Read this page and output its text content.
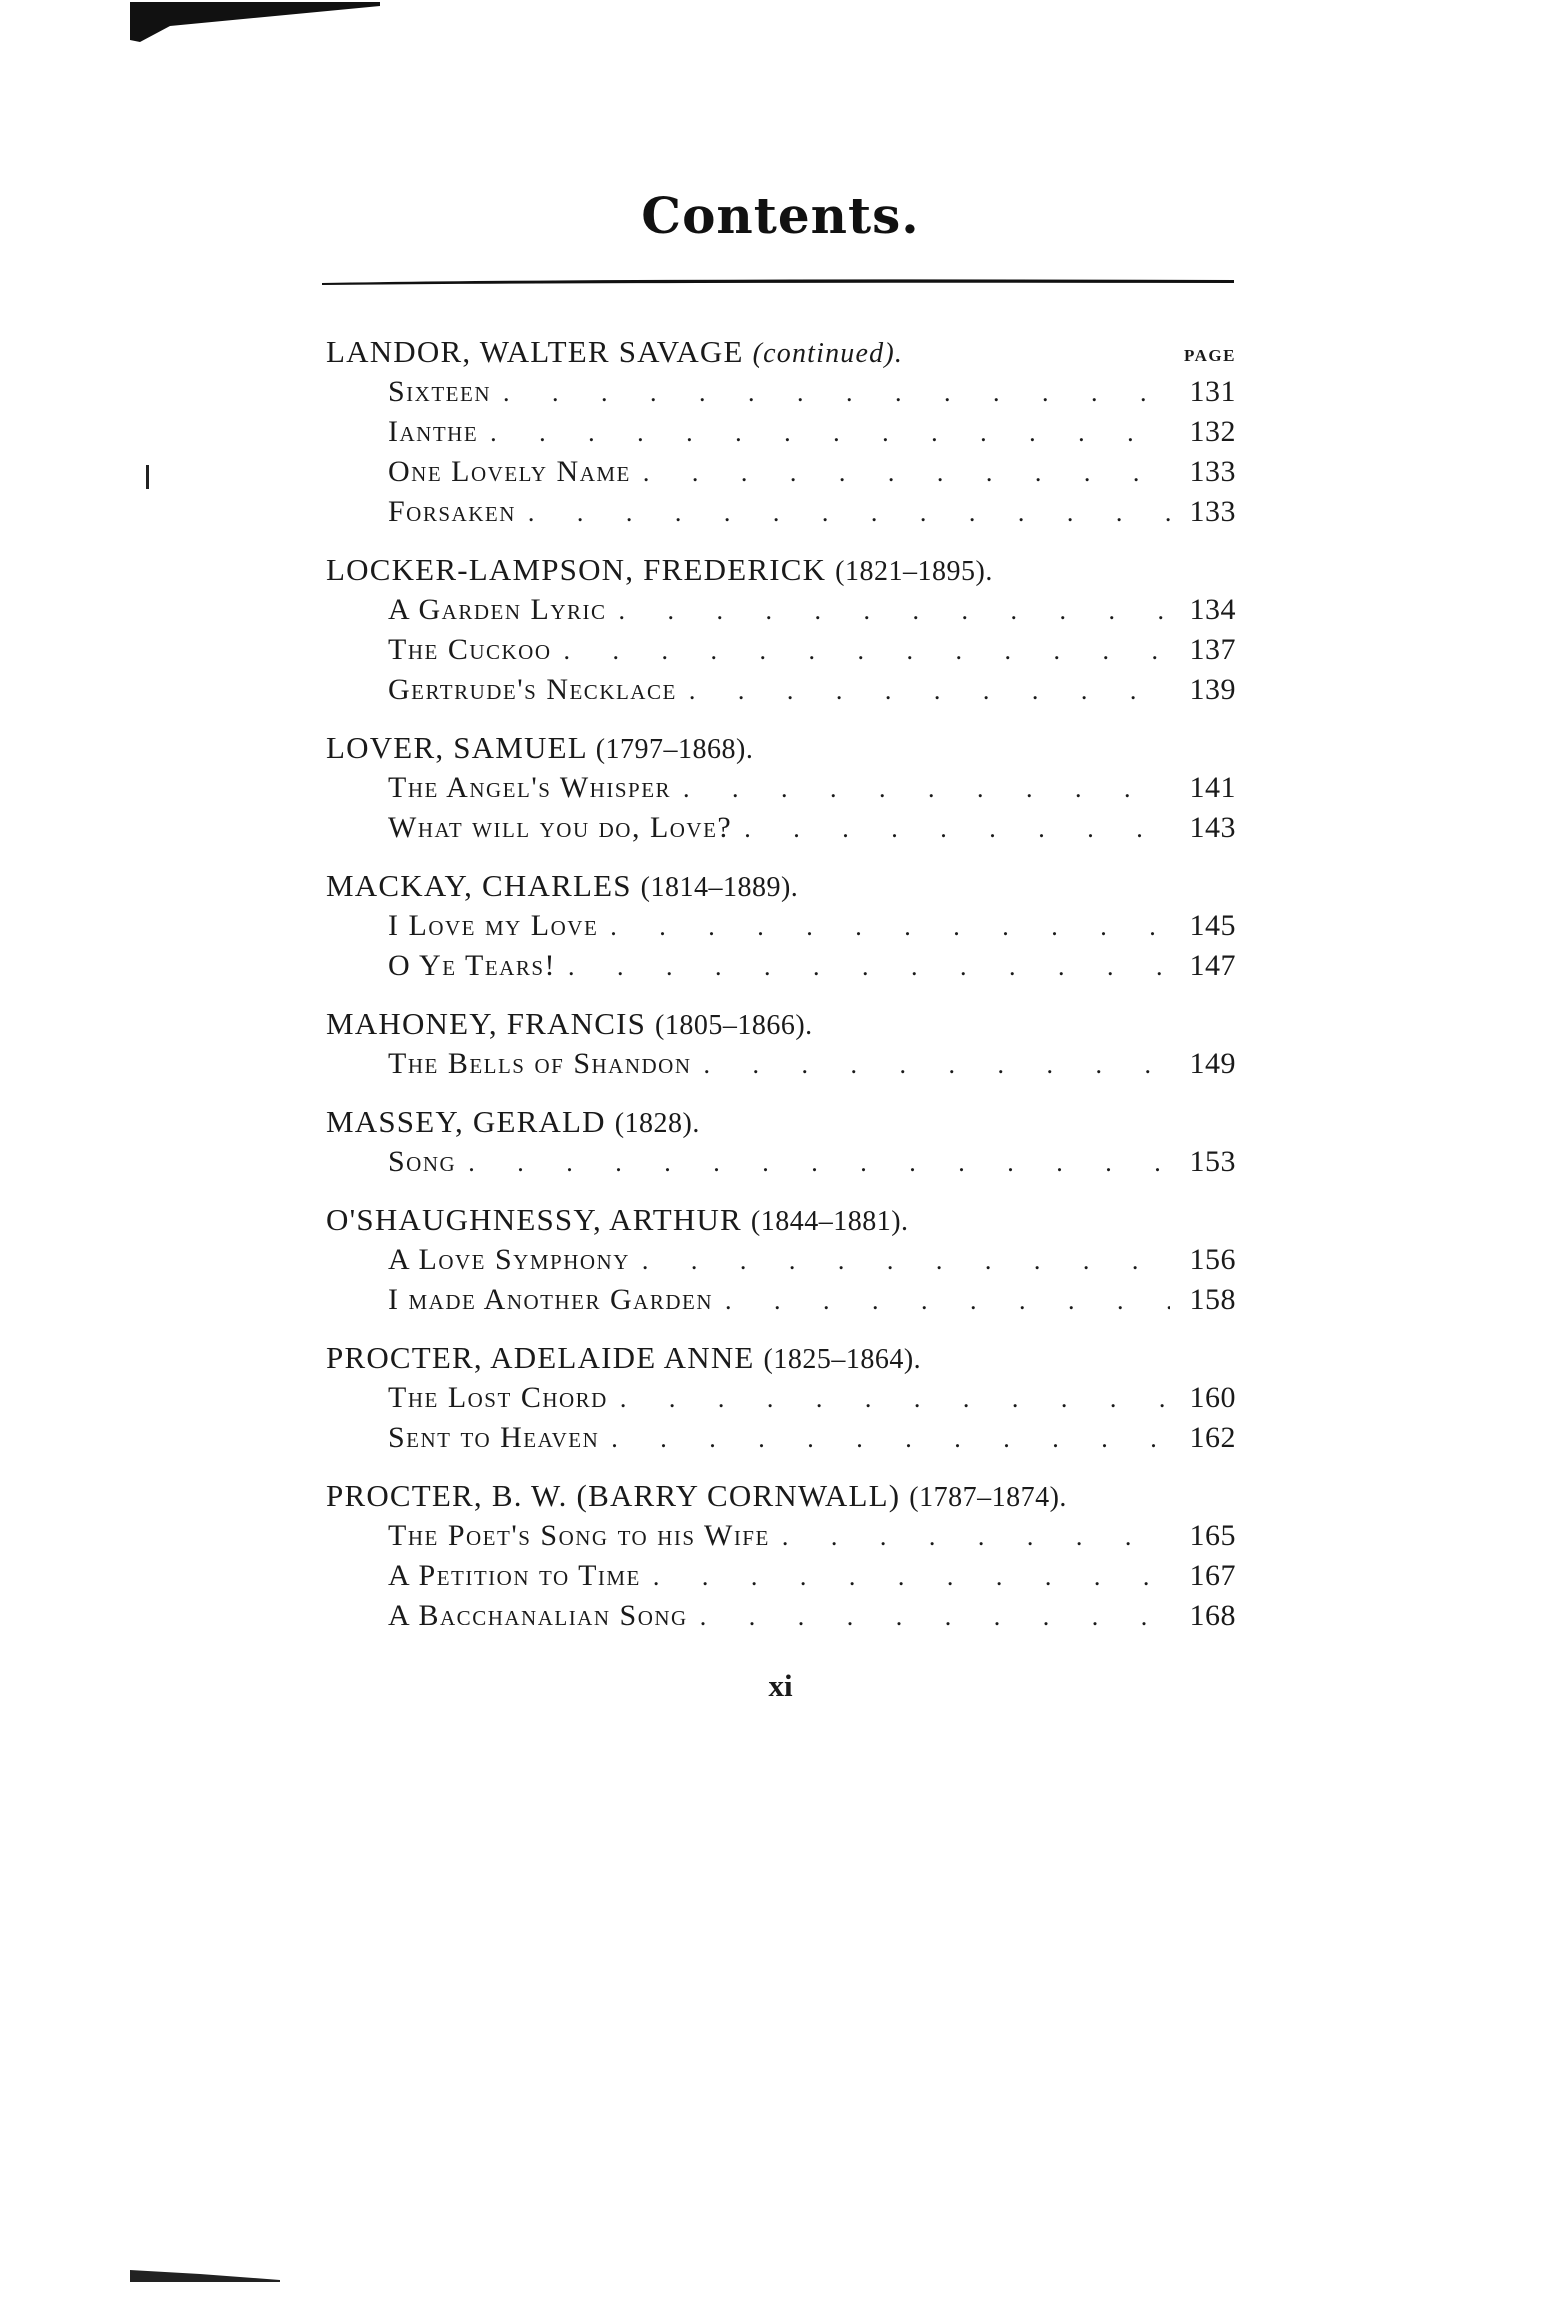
Contents.
PAGE
LANDOR, WALTER SAVAGE (continued).
Sixteen . . .	131
Ianthe . . .	132
One Lovely Name . . .	133
Forsaken . . .	133
LOCKER-LAMPSON, FREDERICK (1821–1895).
A Garden Lyric . . .	134
The Cuckoo . . .	137
Gertrude's Necklace . . .	139
LOVER, SAMUEL (1797–1868).
The Angel's Whisper . . .	141
What will you do, Love? . . .	143
MACKAY, CHARLES (1814–1889).
I Love my Love . . .	145
O Ye Tears! . . .	147
MAHONEY, FRANCIS (1805–1866).
The Bells of Shandon . . .	149
MASSEY, GERALD (1828).
Song . . .	153
O'SHAUGHNESSY, ARTHUR (1844–1881).
A Love Symphony . . .	156
I made Another Garden . . .	158
PROCTER, ADELAIDE ANNE (1825–1864).
The Lost Chord . . .	160
Sent to Heaven . . .	162
PROCTER, B. W. (BARRY CORNWALL) (1787–1874).
The Poet's Song to his Wife . . .	165
A Petition to Time . . .	167
A Bacchanalian Song . . .	168
xi
